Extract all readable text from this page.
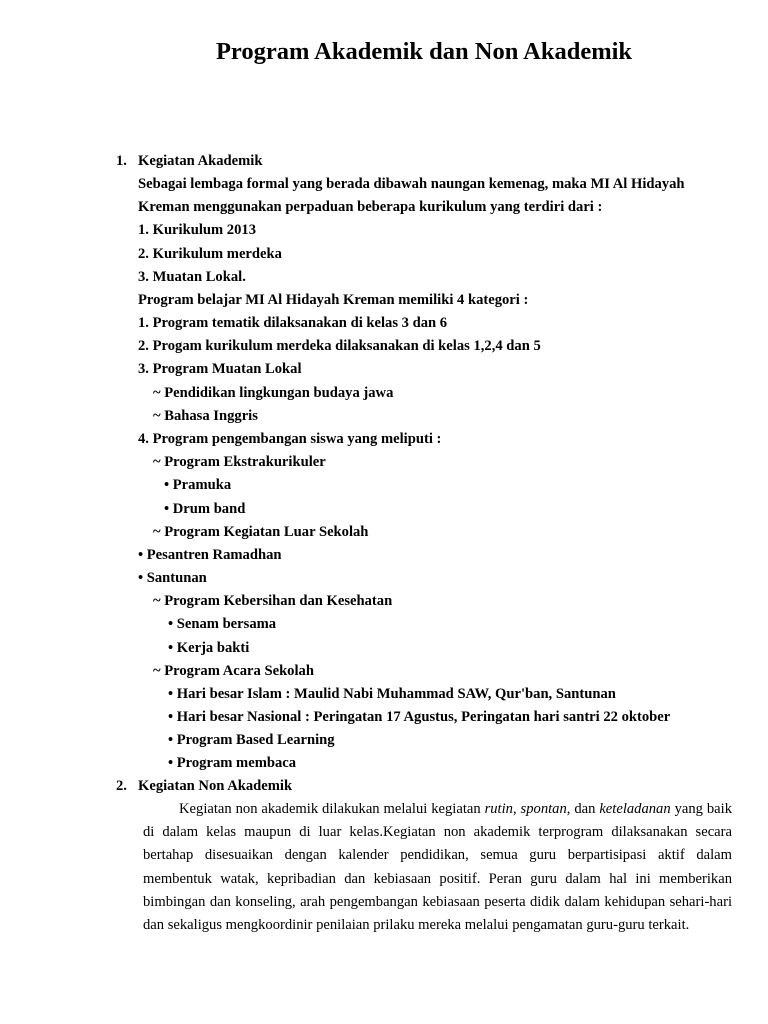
Program Akademik dan Non Akademik
1. Kegiatan Akademik
Sebagai lembaga formal yang berada dibawah naungan kemenag, maka MI Al Hidayah
Kreman menggunakan perpaduan beberapa kurikulum yang terdiri dari :
1. Kurikulum 2013
2. Kurikulum merdeka
3. Muatan Lokal.
Program belajar MI Al Hidayah Kreman memiliki 4 kategori :
1. Program tematik dilaksanakan di kelas 3 dan 6
2. Progam kurikulum merdeka dilaksanakan di kelas 1,2,4 dan 5
3. Program Muatan Lokal
~ Pendidikan lingkungan budaya jawa
~ Bahasa Inggris
4. Program pengembangan siswa yang meliputi :
~ Program Ekstrakurikuler
• Pramuka
• Drum band
~ Program Kegiatan Luar Sekolah
• Pesantren Ramadhan
• Santunan
~ Program Kebersihan dan Kesehatan
• Senam bersama
• Kerja bakti
~ Program Acara Sekolah
• Hari besar Islam : Maulid Nabi Muhammad SAW, Qur'ban, Santunan
• Hari besar Nasional : Peringatan 17 Agustus, Peringatan hari santri 22 oktober
• Program Based Learning
• Program membaca
2. Kegiatan Non Akademik

Kegiatan non akademik dilakukan melalui kegiatan rutin, spontan, dan keteladanan yang baik di dalam kelas maupun di luar kelas.Kegiatan non akademik terprogram dilaksanakan secara bertahap disesuaikan dengan kalender pendidikan, semua guru berpartisipasi aktif dalam membentuk watak, kepribadian dan kebiasaan positif. Peran guru dalam hal ini memberikan bimbingan dan konseling, arah pengembangan kebiasaan peserta didik dalam kehidupan sehari-hari dan sekaligus mengkoordinir penilaian prilaku mereka melalui pengamatan guru-guru terkait.
